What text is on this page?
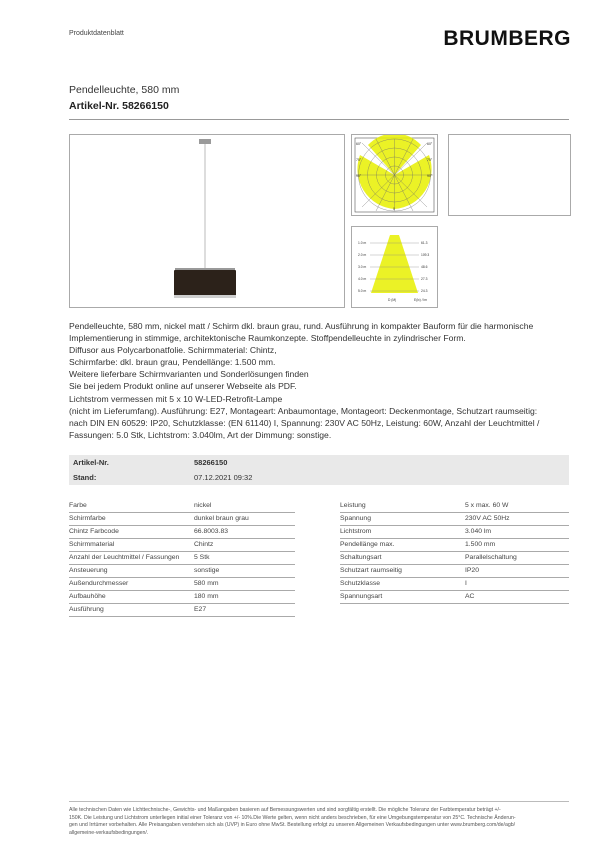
Produktdatenblatt	BRUMBERG
Pendelleuchte, 580 mm
Artikel-Nr. 58266150
60°
75°
90°
60°
75°
90°
0
1.0 m
2.0 m
3.0 m
4.0 m
5.0 m
61.3
109.3
48.6
27.3
24.3
D (M)	E(lx) / lm
Pendelleuchte, 580 mm, nickel matt / Schirm dkl. braun grau, rund. Ausführung in kompakter Bauform für die harmonische
Implementierung in stimmige, architektonische Raumkonzepte. Stoffpendelleuchte in zylindrischer Form.
Diffusor aus Polycarbonatfolie. Schirmmaterial: Chintz,
Schirmfarbe: dkl. braun grau, Pendellänge: 1.500 mm.
Weitere lieferbare Schirmvarianten und Sonderlösungen finden
Sie bei jedem Produkt online auf unserer Webseite als PDF.
Lichtstrom vermessen mit 5 x 10 W-LED-Retrofit-Lampe
(nicht im Lieferumfang). Ausführung: E27, Montageart: Anbaumontage, Montageort: Deckenmontage, Schutzart raumseitig:
nach DIN EN 60529: IP20, Schutzklasse: (EN 61140) I, Spannung: 230V AC 50Hz, Leistung: 60W, Anzahl der Leuchtmittel /
Fassungen: 5.0 Stk, Lichtstrom: 3.040lm, Art der Dimmung: sonstige.
Artikel-Nr.	58266150
Stand:	07.12.2021 09:32
Farbe	nickel
Schirmfarbe	dunkel braun grau
Chintz Farbcode	66.8003.83
Schirmmaterial	Chintz
Anzahl der Leuchtmittel / Fassungen 5 Stk
Ansteuerung	sonstige
Außendurchmesser	580 mm
Aufbauhöhe	180 mm
Ausführung	E27
Leistung	5 x max. 60 W
Spannung	230V AC 50Hz
Lichtstrom	3.040 lm
Pendellänge max.	1.500 mm
Schaltungsart	Parallelschaltung
Schutzart raumseitig	IP20
Schutzklasse	I
Spannungsart	AC
Alle technischen Daten wie Lichttechnische-, Gewichts- und Maßangaben basieren auf Bemessungswerten und sind sorgfältig erstellt. Die mögliche Toleranz der Farbtemperatur beträgt +/-
150K. Die Leistung und Lichtstrom unterliegen initial einer Toleranz von +/- 10%.Die Werte gelten, wenn nicht anders beschrieben, für eine Umgebungstemperatur von 25°C. Technische Änderun-
gen und Irrtümer vorbehalten. Alle Preisangaben verstehen sich als (UVP) in Euro ohne MwSt. Bestellung erfolgt zu unseren Allgemeinen Verkaufsbedingungen unter www.brumberg.com/de/agb/
allgemeine-verkaufsbedingungen/.
